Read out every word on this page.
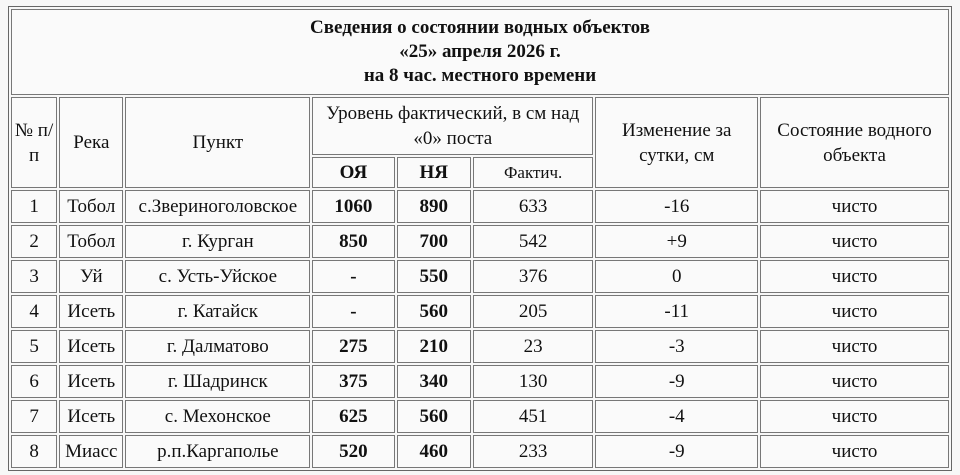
Сведения о состоянии водных объектов
«25» апреля 2026 г.
на 8 час. местного времени							

№ п/п	Река	Пункт	Уровень фактический, в см над «0» поста			Изменение за сутки, см	Состояние водного объекта
			ОЯ	НЯ	Фактич.		
1	Тобол	с.Звериноголовское	1060	890	633	-16	чисто
2	Тобол	г. Курган	850	700	542	+9	чисто
3	Уй	с. Усть-Уйское	-	550	376	0	чисто
4	Исеть	г. Катайск	-	560	205	-11	чисто
5	Исеть	г. Далматово	275	210	23	-3	чисто
6	Исеть	г. Шадринск	375	340	130	-9	чисто
7	Исеть	с. Мехонское	625	560	451	-4	чисто
8	Миасс	р.п.Каргаполье	520	460	233	-9	чисто
